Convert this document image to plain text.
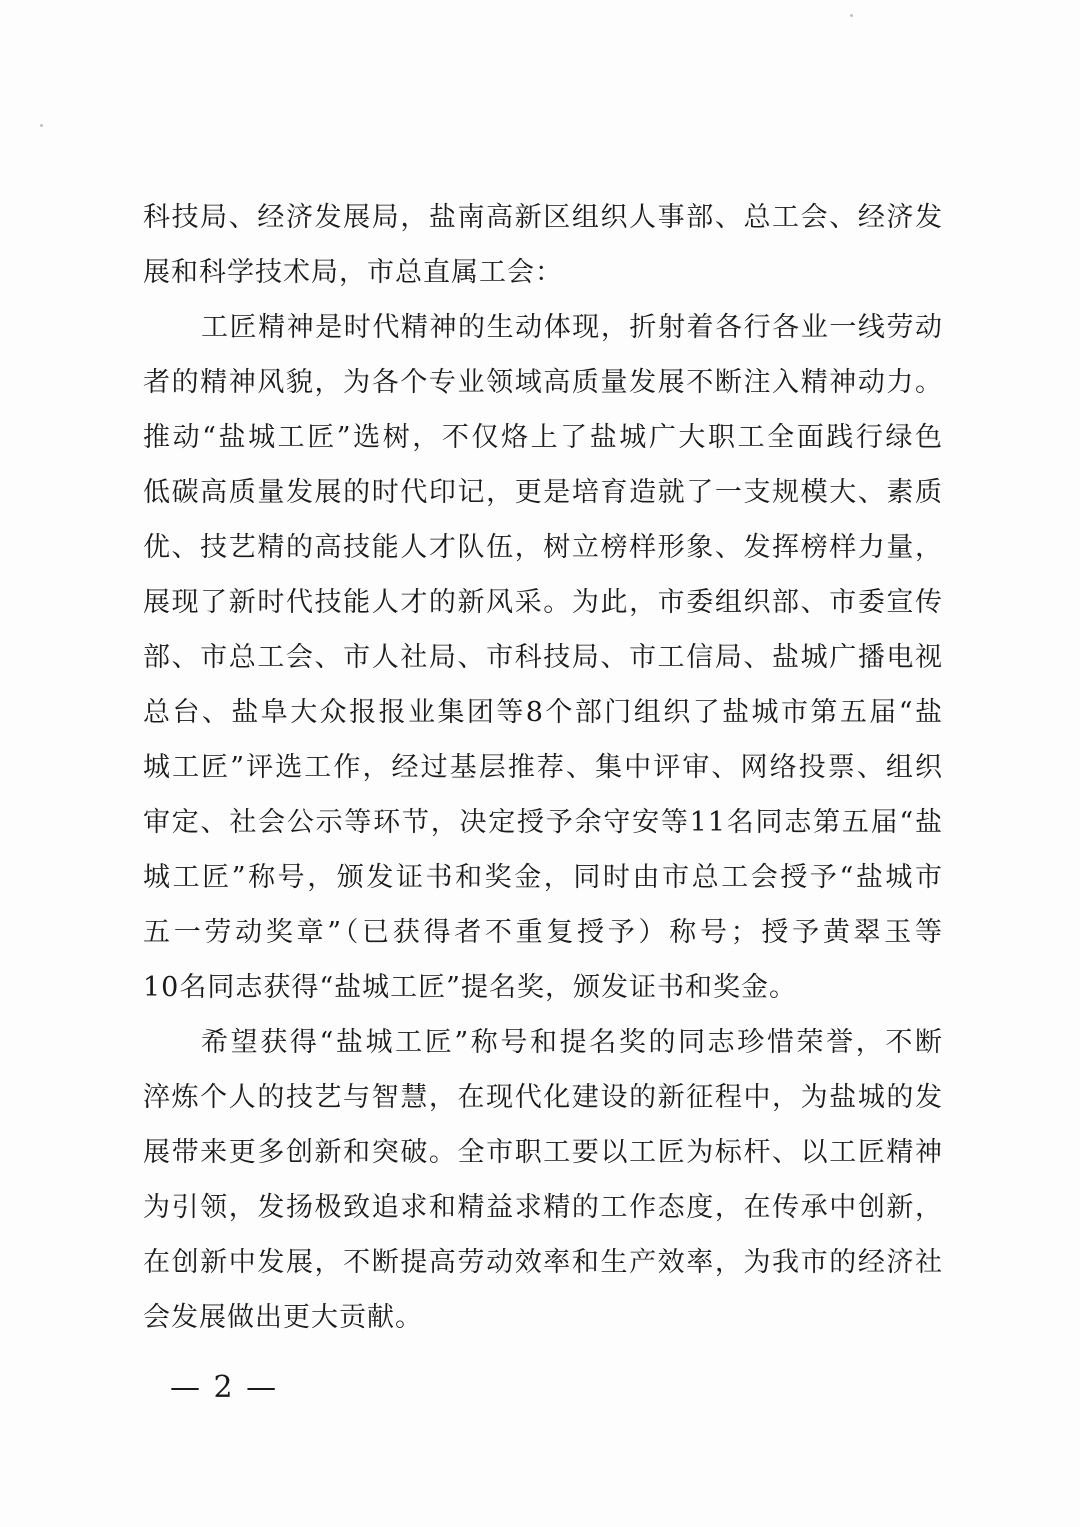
科技局、经济发展局，盐南高新区组织人事部、总工会、经济发
展和科学技术局，市总直属工会：
工匠精神是时代精神的生动体现，折射着各行各业一线劳动
者的精神风貌，为各个专业领域高质量发展不断注入精神动力。
推动“盐城工匠”选树，不仅烙上了盐城广大职工全面践行绿色
低碳高质量发展的时代印记，更是培育造就了一支规模大、素质
优、技艺精的高技能人才队伍，树立榜样形象、发挥榜样力量，
展现了新时代技能人才的新风采。为此，市委组织部、市委宣传
部、市总工会、市人社局、市科技局、市工信局、盐城广播电视
总台、盐阜大众报报业集团等8个部门组织了盐城市第五届“盐
城工匠”评选工作，经过基层推荐、集中评审、网络投票、组织
审定、社会公示等环节，决定授予余守安等11名同志第五届“盐
城工匠”称号，颁发证书和奖金，同时由市总工会授予“盐城市
五一劳动奖章”（已获得者不重复授予）称号；授予黄翠玉等
10名同志获得“盐城工匠”提名奖，颁发证书和奖金。
希望获得“盐城工匠”称号和提名奖的同志珍惜荣誉，不断
淬炼个人的技艺与智慧，在现代化建设的新征程中，为盐城的发
展带来更多创新和突破。全市职工要以工匠为标杆、以工匠精神
为引领，发扬极致追求和精益求精的工作态度，在传承中创新，
在创新中发展，不断提高劳动效率和生产效率，为我市的经济社
会发展做出更大贡献。
— 2 —
